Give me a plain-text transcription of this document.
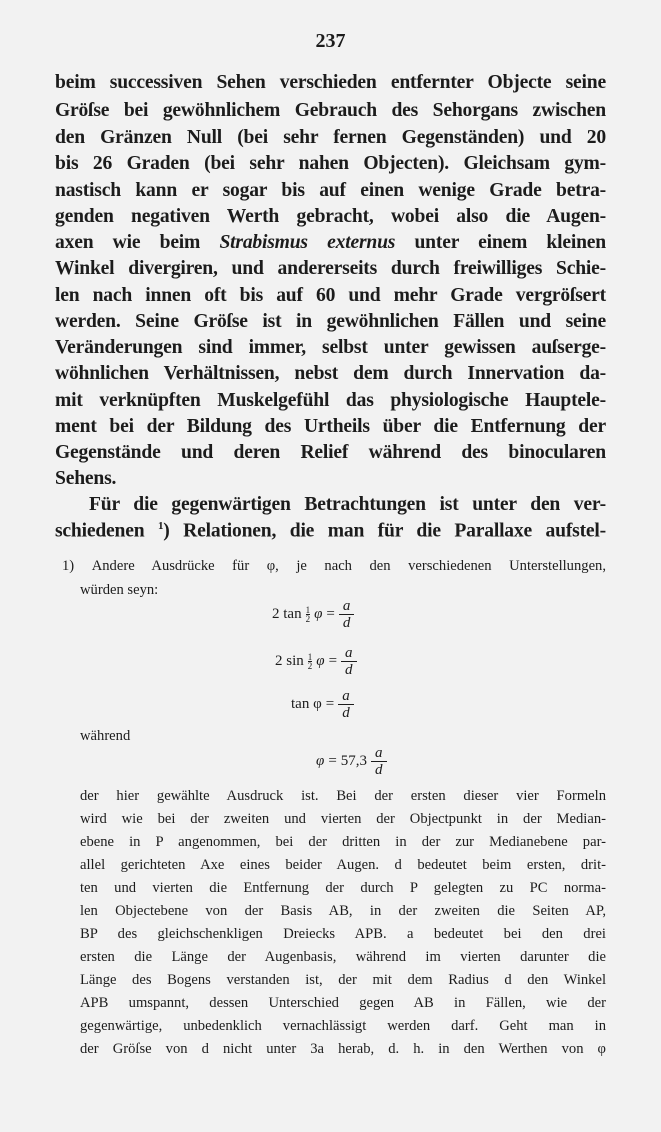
237
beim successiven Sehen verschieden entfernter Objecte seine
Gröſse bei gewöhnlichem Gebrauch des Sehorgans zwischen
den Gränzen Null (bei sehr fernen Gegenständen) und 20
bis 26 Graden (bei sehr nahen Objecten). Gleichsam gym-
nastisch kann er sogar bis auf einen wenige Grade betra-
genden negativen Werth gebracht, wobei also die Augen-
axen wie beim Strabismus externus unter einem kleinen
Winkel divergiren, und andererseits durch freiwilliges Schie-
len nach innen oft bis auf 60 und mehr Grade vergröſsert
werden. Seine Gröſse ist in gewöhnlichen Fällen und seine
Veränderungen sind immer, selbst unter gewissen auſserge-
wöhnlichen Verhältnissen, nebst dem durch Innervation da-
mit verknüpften Muskelgefühl das physiologische Hauptele-
ment bei der Bildung des Urtheils über die Entfernung der
Gegenstände und deren Relief während des binocularen
Sehens.
Für die gegenwärtigen Betrachtungen ist unter den ver-
schiedenen $^1$) Relationen, die man für die Parallaxe aufstel-
1) Andere Ausdrücke für φ, je nach den verschiedenen Unterstellungen,
würden seyn:
2 $\tan \frac{1}{2}$ $\varphi = \frac{a}{d}$
2 $\sin \frac{1}{2}$ $\varphi = \frac{a}{d}$
$\tan \varphi = \frac{a}{d}$
während
$\varphi = 57,3 \frac{a}{d}$
der hier gewählte Ausdruck ist. Bei der ersten dieser vier Formeln
wird wie bei der zweiten und vierten der Objectpunkt in der Median-
ebene in P angenommen, bei der dritten in der zur Medianebene par-
allel gerichteten Axe eines beider Augen. d bedeutet beim ersten, drit-
ten und vierten die Entfernung der durch P gelegten zu PC norma-
len Objectebene von der Basis AB, in der zweiten die Seiten AP,
BP des gleichschenkligen Dreiecks APB. a bedeutet bei den drei
ersten die Länge der Augenbasis, während im vierten darunter die
Länge des Bogens verstanden ist, der mit dem Radius d den Winkel
APB umspannt, dessen Unterschied gegen AB in Fällen, wie der
gegenwärtige, unbedenklich vernachlässigt werden darf. Geht man in
der Gröſse von d nicht unter 3a herab, d. h. in den Werthen von φ
